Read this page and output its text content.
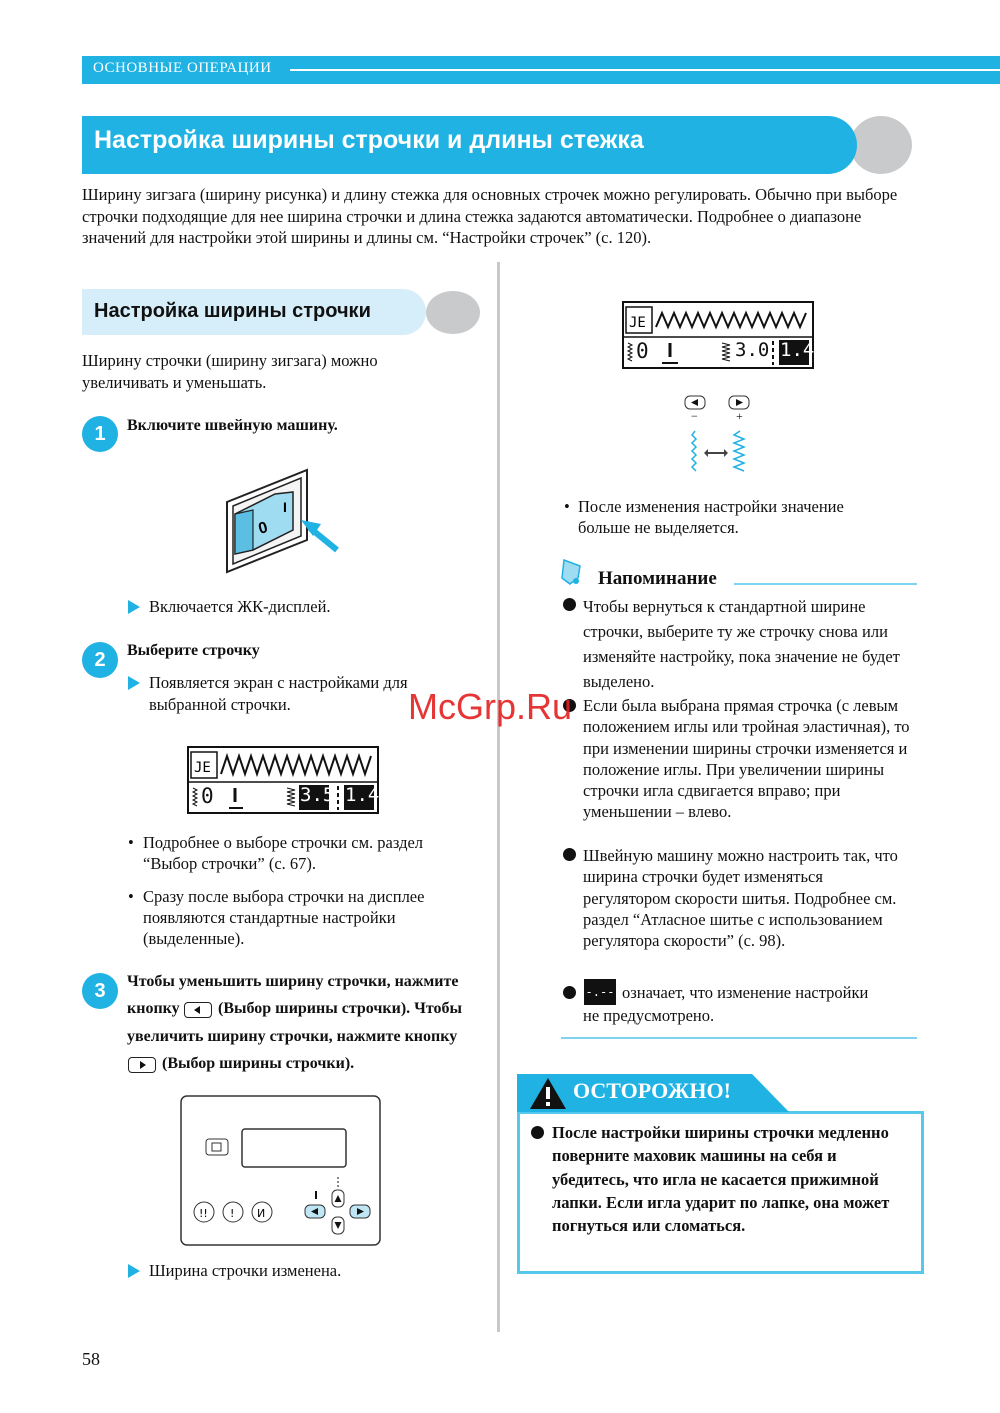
ОСНОВНЫЕ ОПЕРАЦИИ
Настройка ширины строчки и длины стежка
Ширину зигзага (ширину рисунка) и длину стежка для основных строчек можно регулировать. Обычно при выборе строчки подходящие для нее ширина строчки и длина стежка задаются автоматически. Подробнее о диапазоне значений для настройки этой ширины и длины см. “Настройки строчек” (с. 120).
Настройка ширины строчки
Ширину строчки (ширину зигзага) можно увеличивать и уменьшать.
1	Включите швейную машину.
0
I
Включается ЖК-дисплей.
2	Выберите строчку
Появляется экран с настройками для выбранной строчки.
JE
0	3.5 1.4
• Подробнее о выборе строчки см. раздел “Выбор строчки” (с. 67).
• Сразу после выбора строчки на дисплее появляются стандартные настройки (выделенные).
3	Чтобы уменьшить ширину строчки, нажмите
кнопку (Выбор ширины строчки). Чтобы
увеличить ширину строчки, нажмите кнопку
(Выбор ширины строчки).
!! ! И
Ширина строчки изменена.
JE
0	3.0 1.4
−	+
• После изменения настройки значение больше не выделяется.
Напоминание
Чтобы вернуться к стандартной ширине строчки, выберите ту же строчку снова или изменяйте настройку, пока значение не будет выделено.
Если была выбрана прямая строчка (с левым положением иглы или тройная эластичная), то при изменении ширины строчки изменяется и положение иглы. При увеличении ширины строчки игла сдвигается вправо; при уменьшении – влево.
Швейную машину можно настроить так, что ширина строчки будет изменяться регулятором скорости шитья. Подробнее см. раздел “Атласное шитье с использованием регулятора скорости” (с. 98).
-.-- означает, что изменение настройки
не предусмотрено.
ОСТОРОЖНО!
После настройки ширины строчки медленно поверните маховик машины на себя и убедитесь, что игла не касается прижимной лапки. Если игла ударит по лапке, она может погнуться или сломаться.
McGrp.Ru
58
